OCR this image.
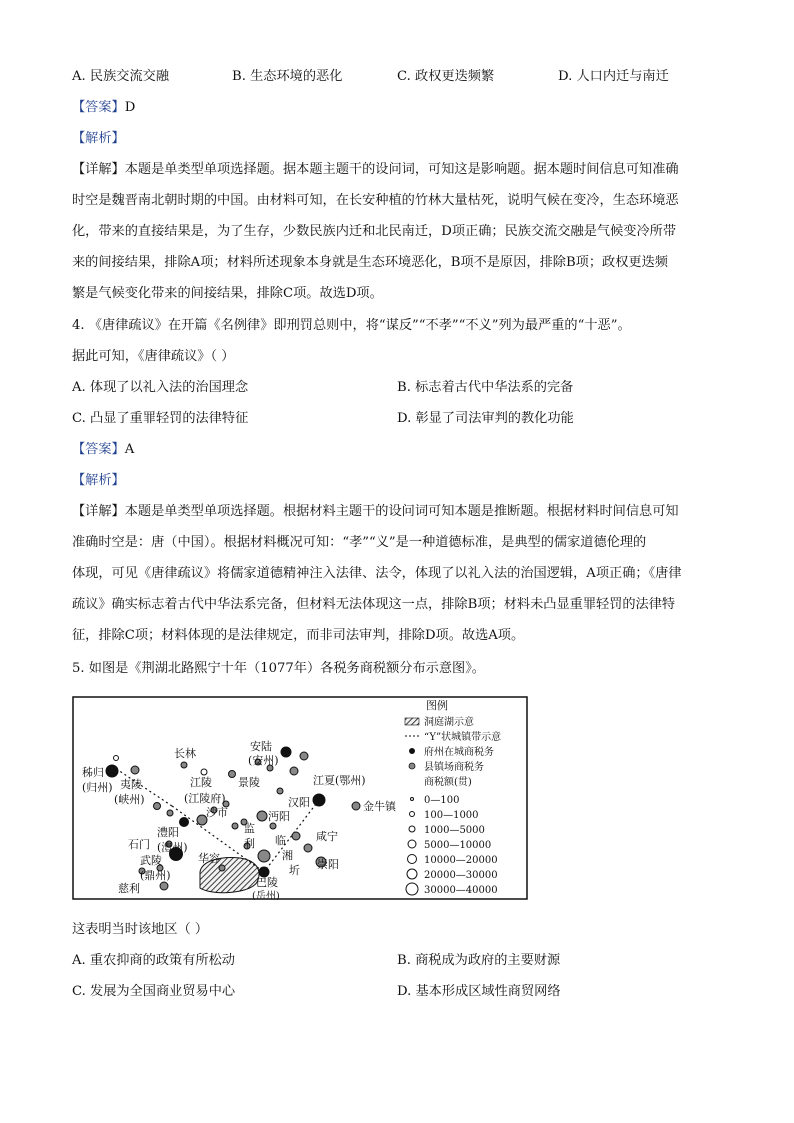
A. 民族交流交融	B. 生态环境的恶化	C. 政权更迭频繁	D. 人口内迁与南迁
【答案】D
【解析】
【详解】本题是单类型单项选择题。据本题主题干的设问词，可知这是影响题。据本题时间信息可知准确
时空是魏晋南北朝时期的中国。由材料可知，在长安种植的竹林大量枯死，说明气候在变冷，生态环境恶
化，带来的直接结果是，为了生存，少数民族内迁和北民南迁，D项正确；民族交流交融是气候变冷所带
来的间接结果，排除A项；材料所述现象本身就是生态环境恶化，B项不是原因，排除B项；政权更迭频
繁是气候变化带来的间接结果，排除C项。故选D项。
4. 《唐律疏议》在开篇《名例律》即刑罚总则中，将“谋反”“不孝”“不义”列为最严重的“十恶”。
据此可知，《唐律疏议》（ ）
A. 体现了以礼入法的治国理念	B. 标志着古代中华法系的完备
C. 凸显了重罪轻罚的法律特征	D. 彰显了司法审判的教化功能
【答案】A
【解析】
【详解】本题是单类型单项选择题。根据材料主题干的设问词可知本题是推断题。根据材料时间信息可知
准确时空是：唐（中国）。根据材料概况可知：“孝”“义”是一种道德标准，是典型的儒家道德伦理的
体现，可见《唐律疏议》将儒家道德精神注入法律、法令，体现了以礼入法的治国逻辑，A项正确；《唐律
疏议》确实标志着古代中华法系完备，但材料无法体现这一点，排除B项；材料未凸显重罪轻罚的法律特
征，排除C项；材料体现的是法律规定，而非司法审判，排除D项。故选A项。
5. 如图是《荆湖北路熙宁十年（1077年）各税务商税额分布示意图》。
秭归
(归州) 夷陵
(峡州)
长林
江陵
(江陵府)
沙市
景陵
安陆
(安州)
江夏(鄂州)
汉阳	金牛镇
澧阳
(澧州)
石门
监
利
沔阳
咸宁
华容
武陵
(鼎州)
慈利
临
湘
圻 崇阳
巴陵
(岳州)
图例
洞庭湖示意
“Y”状城镇带示意
府州在城商税务
县镇场商税务
商税额(贯)
0—100
100—1000
1000—5000
5000—10000
10000—20000
20000—30000
30000—40000
这表明当时该地区（ ）
A. 重农抑商的政策有所松动	B. 商税成为政府的主要财源
C. 发展为全国商业贸易中心	D. 基本形成区域性商贸网络
